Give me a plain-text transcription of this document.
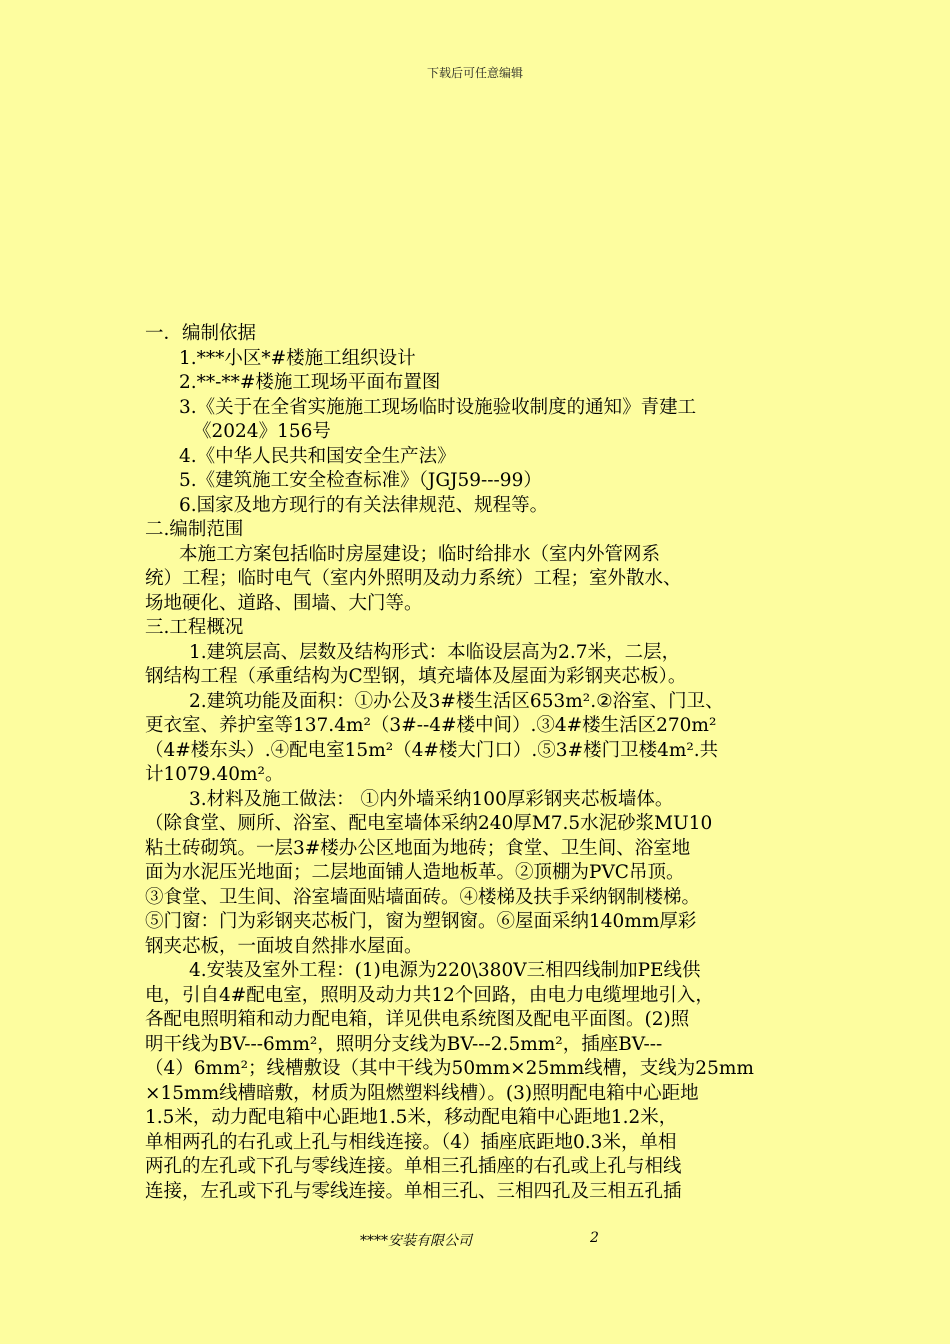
下载后可任意编辑
一．编制依据
1.***小区*#楼施工组织设计
2.**-**#楼施工现场平面布置图
3.《关于在全省实施施工现场临时设施验收制度的通知》青建工
《2024》156号
4.《中华人民共和国安全生产法》
5.《建筑施工安全检查标准》（JGJ59---99）
6.国家及地方现行的有关法律规范、规程等。
二.编制范围
本施工方案包括临时房屋建设；临时给排水（室内外管网系
统）工程；临时电气（室内外照明及动力系统）工程；室外散水、
场地硬化、道路、围墙、大门等。
三.工程概况
1.建筑层高、层数及结构形式：本临设层高为2.7米，二层，
钢结构工程（承重结构为C型钢，填充墙体及屋面为彩钢夹芯板）。
2.建筑功能及面积：①办公及3#楼生活区653m².②浴室、门卫、
更衣室、养护室等137.4m²（3#--4#楼中间）.③4#楼生活区270m²
（4#楼东头）.④配电室15m²（4#楼大门口）.⑤3#楼门卫楼4m².共
计1079.40m²。
3.材料及施工做法： ①内外墙采纳100厚彩钢夹芯板墙体。
（除食堂、厕所、浴室、配电室墙体采纳240厚M7.5水泥砂浆MU10
粘土砖砌筑。一层3#楼办公区地面为地砖；食堂、卫生间、浴室地
面为水泥压光地面；二层地面铺人造地板革。②顶棚为PVC吊顶。
③食堂、卫生间、浴室墙面贴墙面砖。④楼梯及扶手采纳钢制楼梯。
⑤门窗：门为彩钢夹芯板门，窗为塑钢窗。⑥屋面采纳140mm厚彩
钢夹芯板，一面坡自然排水屋面。
4.安装及室外工程：(1)电源为220\380V三相四线制加PE线供
电，引自4#配电室，照明及动力共12个回路，由电力电缆埋地引入，
各配电照明箱和动力配电箱，详见供电系统图及配电平面图。(2)照
明干线为BV---6mm²，照明分支线为BV---2.5mm²，插座BV---
（4）6mm²；线槽敷设（其中干线为50mm×25mm线槽，支线为25mm
×15mm线槽暗敷，材质为阻燃塑料线槽）。(3)照明配电箱中心距地
1.5米，动力配电箱中心距地1.5米，移动配电箱中心距地1.2米，
单相两孔的右孔或上孔与相线连接。（4）插座底距地0.3米，单相
两孔的左孔或下孔与零线连接。单相三孔插座的右孔或上孔与相线
连接，左孔或下孔与零线连接。单相三孔、三相四孔及三相五孔插
****安装有限公司	2
